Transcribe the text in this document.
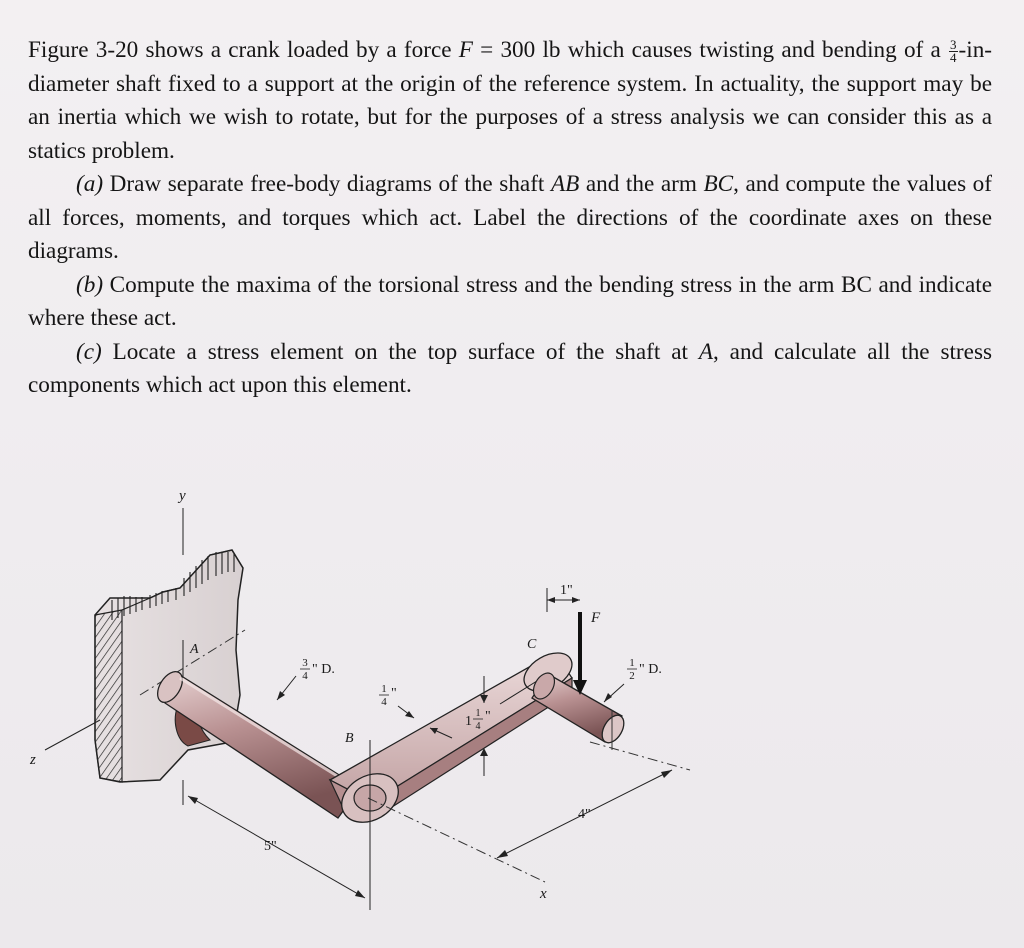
Figure 3-20 shows a crank loaded by a force F = 300 lb which causes twisting and bending of a $\frac{3}{4}$ -in-diameter shaft fixed to a support at the origin of the reference system. In actuality, the support may be an inertia which we wish to rotate, but for the purposes of a stress analysis we can consider this as a statics problem.

(a) Draw separate free-body diagrams of the shaft AB and the arm BC, and compute the values of all forces, moments, and torques which act. Label the directions of the coordinate axes on these diagrams.

(b) Compute the maxima of the torsional stress and the bending stress in the arm BC and indicate where these act.

(c) Locate a stress element on the top surface of the shaft at A, and calculate all the stress components which act upon this element.

y
z
A
B
C
F
1"
3
4 " D.	1
2 " D.
1
4
"
1
1
4
"
x
5"
4"
